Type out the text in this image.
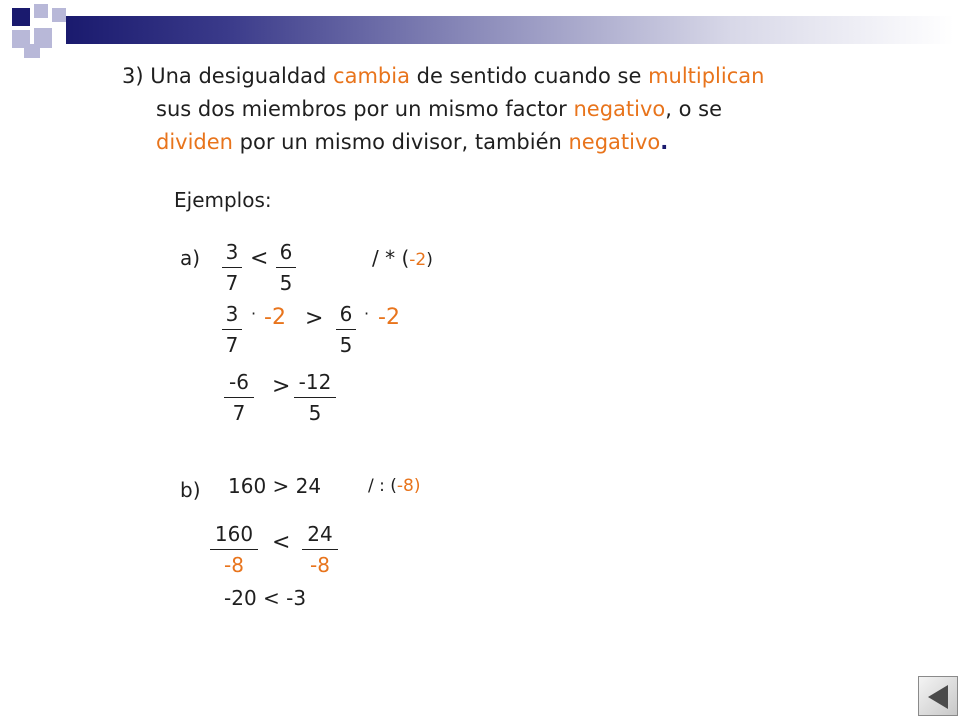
3) Una desigualdad cambia de sentido cuando se multiplican
sus dos miembros por un mismo factor negativo, o se
dividen por un mismo divisor, también negativo.
Ejemplos:
a) 3
7
< 6
5
/ * (-2)
3
7
· -2 > 6
5
· -2
-6
7
> -12
5
b) 160 > 24	/ : (-8)
160
-8
< 24
-8
-20 < -3
